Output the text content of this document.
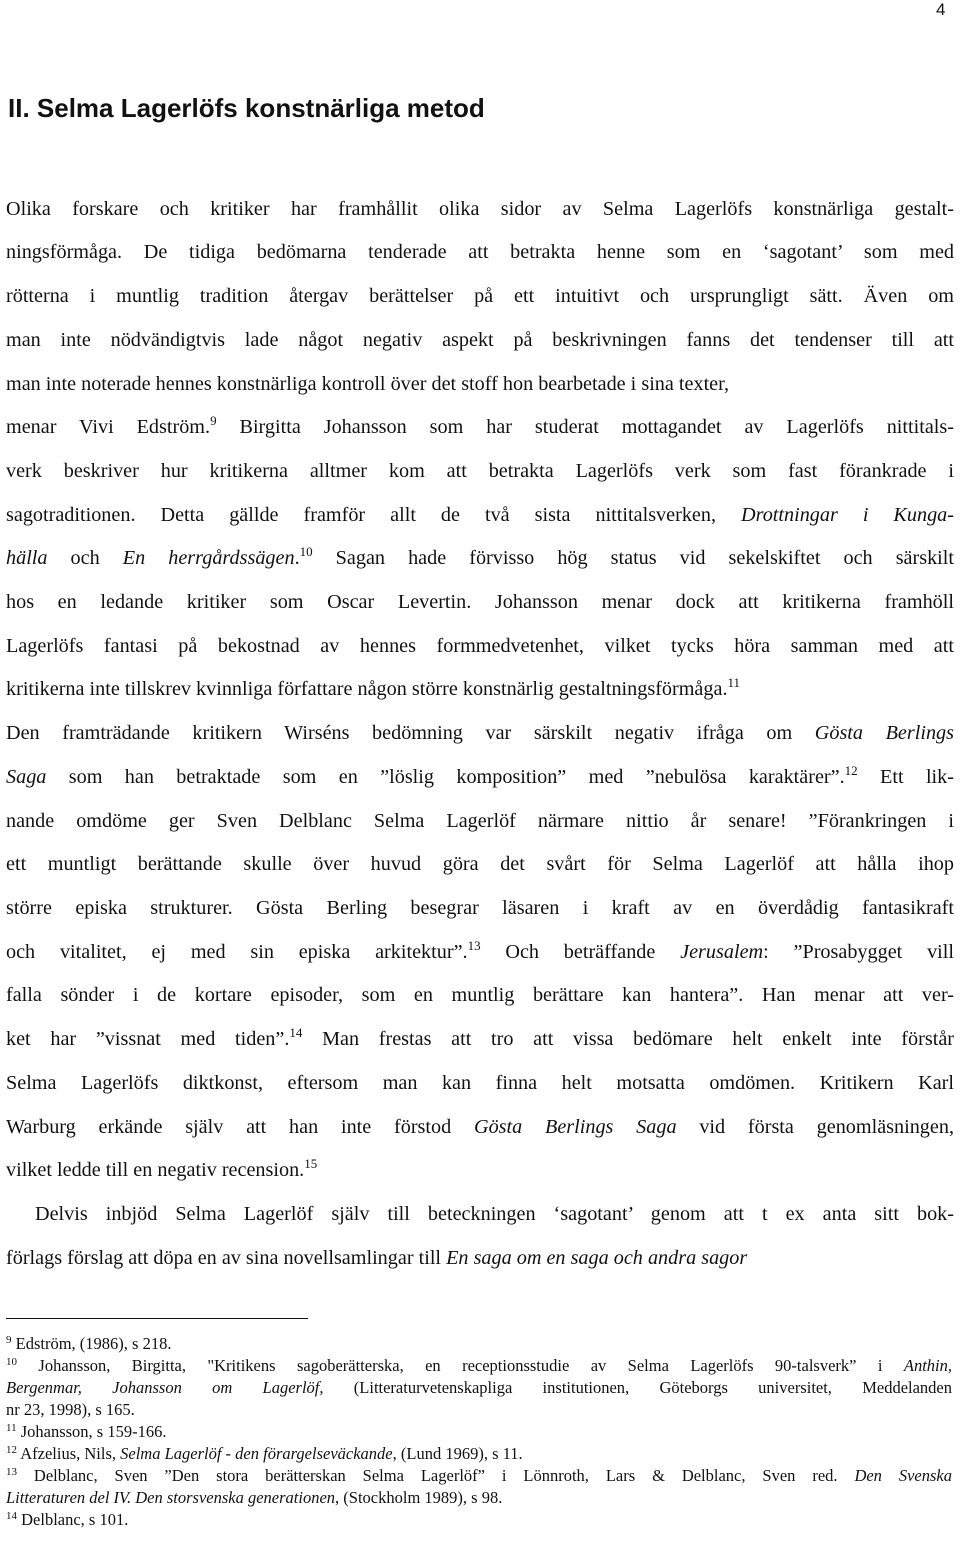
4
II. Selma Lagerlöfs konstnärliga metod
Olika forskare och kritiker har framhållit olika sidor av Selma Lagerlöfs konstnärliga gestalt-
ningsförmåga. De tidiga bedömarna tenderade att betrakta henne som en ‘sagotant’ som med
rötterna i muntlig tradition återgav berättelser på ett intuitivt och ursprungligt sätt. Även om
man inte nödvändigtvis lade något negativ aspekt på beskrivningen fanns det tendenser till att
man inte noterade hennes konstnärliga kontroll över det stoff hon bearbetade i sina texter,
menar Vivi Edström.$^9$ Birgitta Johansson som har studerat mottagandet av Lagerlöfs nittitals-
verk beskriver hur kritikerna alltmer kom att betrakta Lagerlöfs verk som fast förankrade i
sagotraditionen. Detta gällde framför allt de två sista nittitalsverken, Drottningar i Kunga-
hälla och En herrgårdssägen.$^{10}$ Sagan hade förvisso hög status vid sekelskiftet och särskilt
hos en ledande kritiker som Oscar Levertin. Johansson menar dock att kritikerna framhöll
Lagerlöfs fantasi på bekostnad av hennes formmedvetenhet, vilket tycks höra samman med att
kritikerna inte tillskrev kvinnliga författare någon större konstnärlig gestaltningsförmåga.$^{11}$
Den framträdande kritikern Wirséns bedömning var särskilt negativ ifråga om Gösta Berlings
Saga som han betraktade som en ”löslig komposition” med ”nebulösa karaktärer”.$^{12}$ Ett lik-
nande omdöme ger Sven Delblanc Selma Lagerlöf närmare nittio år senare! ”Förankringen i
ett muntligt berättande skulle över huvud göra det svårt för Selma Lagerlöf att hålla ihop
större episka strukturer. Gösta Berling besegrar läsaren i kraft av en överdådig fantasikraft
och vitalitet, ej med sin episka arkitektur”.$^{13}$ Och beträffande Jerusalem: ”Prosabygget vill
falla sönder i de kortare episoder, som en muntlig berättare kan hantera”. Han menar att ver-
ket har ”vissnat med tiden”.$^{14}$ Man frestas att tro att vissa bedömare helt enkelt inte förstår
Selma Lagerlöfs diktkonst, eftersom man kan finna helt motsatta omdömen. Kritikern Karl
Warburg erkände själv att han inte förstod Gösta Berlings Saga vid första genomläsningen,
vilket ledde till en negativ recension.$^{15}$
Delvis inbjöd Selma Lagerlöf själv till beteckningen ‘sagotant’ genom att t ex anta sitt bok-
förlags förslag att döpa en av sina novellsamlingar till En saga om en saga och andra sagor
$^9$ Edström, (1986), s 218.
$^{10}$ Johansson, Birgitta, "Kritikens sagoberätterska, en receptionsstudie av Selma Lagerlöfs 90-talsverk” i Anthin,
Bergenmar, Johansson om Lagerlöf, (Litteraturvetenskapliga institutionen, Göteborgs universitet, Meddelanden
nr 23, 1998), s 165.
$^{11}$ Johansson, s 159-166.
$^{12}$ Afzelius, Nils, Selma Lagerlöf - den förargelseväckande, (Lund 1969), s 11.
$^{13}$ Delblanc, Sven ”Den stora berätterskan Selma Lagerlöf” i Lönnroth, Lars & Delblanc, Sven red. Den Svenska
Litteraturen del IV. Den storsvenska generationen, (Stockholm 1989), s 98.
$^{14}$ Delblanc, s 101.
